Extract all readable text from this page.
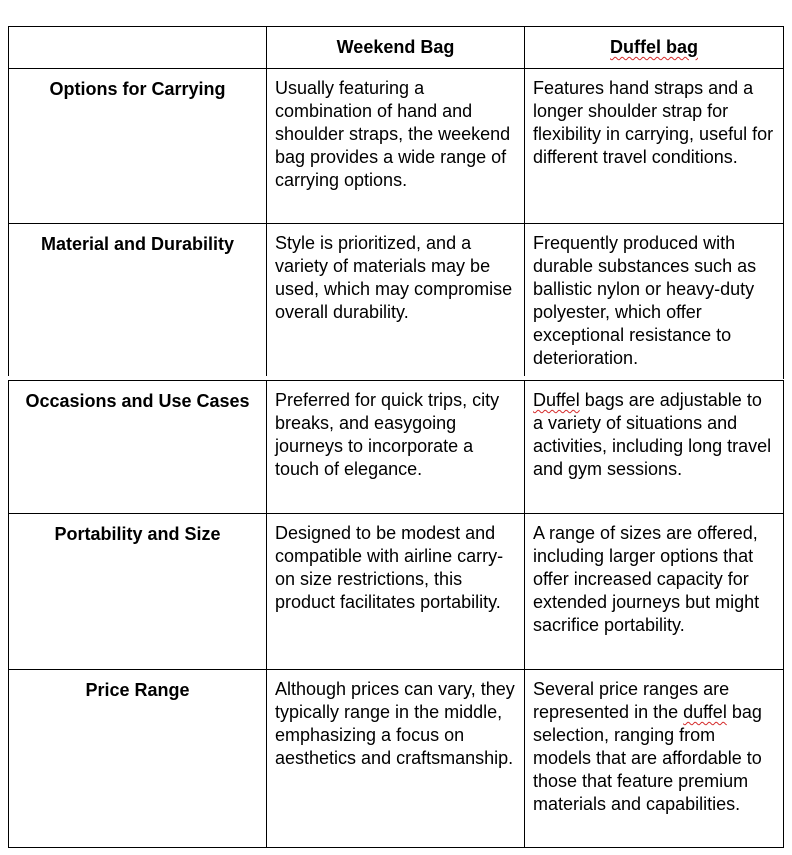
	Weekend Bag	Duffel bag
Options for Carrying	Usually featuring a combination of hand and shoulder straps, the weekend bag provides a wide range of carrying options.	Features hand straps and a longer shoulder strap for flexibility in carrying, useful for different travel conditions.
Material and Durability	Style is prioritized, and a variety of materials may be used, which may compromise overall durability.	Frequently produced with durable substances such as ballistic nylon or heavy-duty polyester, which offer exceptional resistance to deterioration.
Occasions and Use Cases	Preferred for quick trips, city breaks, and easygoing journeys to incorporate a touch of elegance.	Duffel bags are adjustable to a variety of situations and activities, including long travel and gym sessions.
Portability and Size	Designed to be modest and compatible with airline carry-on size restrictions, this product facilitates portability.	A range of sizes are offered, including larger options that offer increased capacity for extended journeys but might sacrifice portability.
Price Range	Although prices can vary, they typically range in the middle, emphasizing a focus on aesthetics and craftsmanship.	Several price ranges are represented in the duffel bag selection, ranging from models that are affordable to those that feature premium materials and capabilities.
